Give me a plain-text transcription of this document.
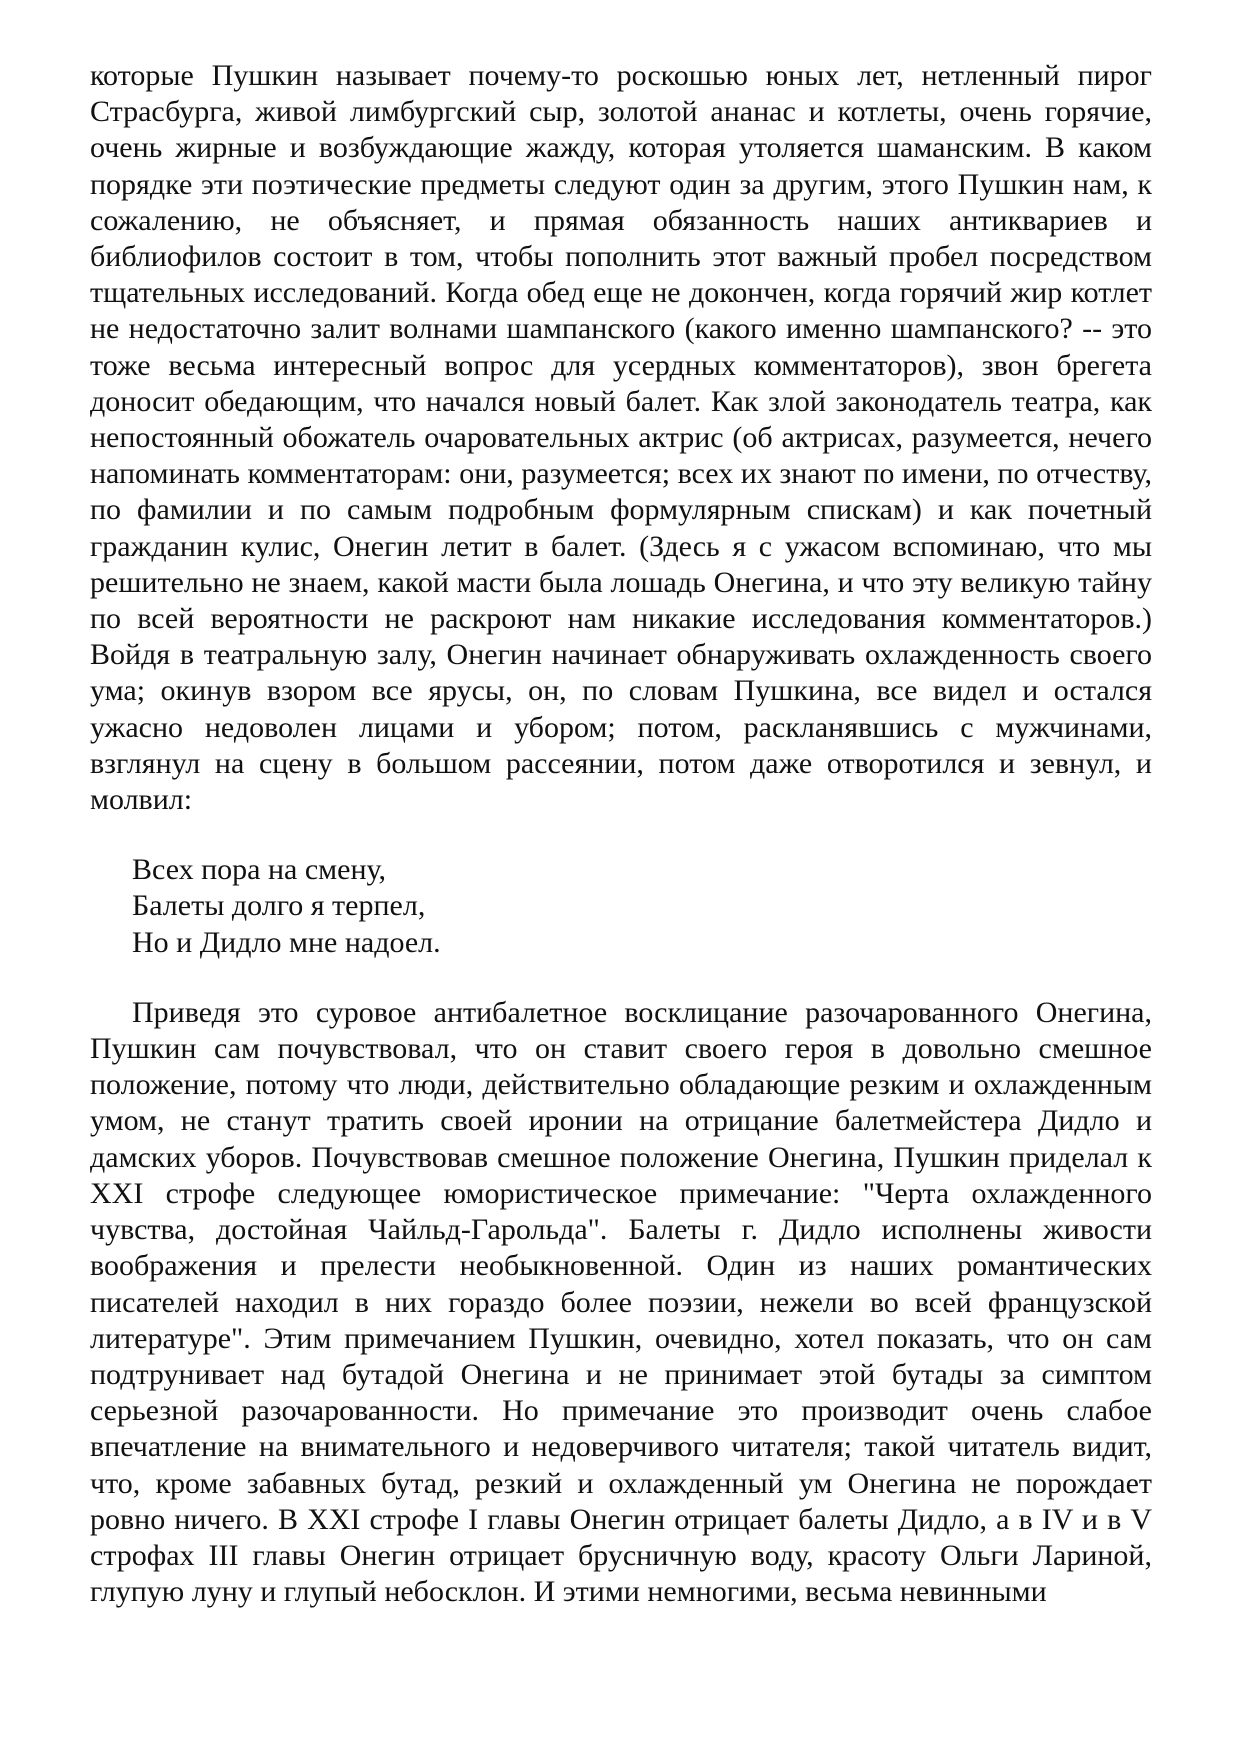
которые Пушкин называет почему-то роскошью юных лет, нетленный пирог Страсбурга, живой лимбургский сыр, золотой ананас и котлеты, очень горячие, очень жирные и возбуждающие жажду, которая утоляется шаманским. В каком порядке эти поэтические предметы следуют один за другим, этого Пушкин нам, к сожалению, не объясняет, и прямая обязанность наших антиквариев и библиофилов состоит в том, чтобы пополнить этот важный пробел посредством тщательных исследований. Когда обед еще не докончен, когда горячий жир котлет не недостаточно залит волнами шампанского (какого именно шампанского? -- это тоже весьма интересный вопрос для усердных комментаторов), звон брегета доносит обедающим, что начался новый балет. Как злой законодатель театра, как непостоянный обожатель очаровательных актрис (об актрисах, разумеется, нечего напоминать комментаторам: они, разумеется; всех их знают по имени, по отчеству, по фамилии и по самым подробным формулярным спискам) и как почетный гражданин кулис, Онегин летит в балет. (Здесь я с ужасом вспоминаю, что мы решительно не знаем, какой масти была лошадь Онегина, и что эту великую тайну по всей вероятности не раскроют нам никакие исследования комментаторов.) Войдя в театральную залу, Онегин начинает обнаруживать охлажденность своего ума; окинув взором все ярусы, он, по словам Пушкина, все видел и остался ужасно недоволен лицами и убором; потом, раскланявшись с мужчинами, взглянул на сцену в большом рассеянии, потом даже отворотился и зевнул, и молвил:

Всех пора на смену,
Балеты долго я терпел,
Но и Дидло мне надоел.

Приведя это суровое антибалетное восклицание разочарованного Онегина, Пушкин сам почувствовал, что он ставит своего героя в довольно смешное положение, потому что люди, действительно обладающие резким и охлажденным умом, не станут тратить своей иронии на отрицание балетмейстера Дидло и дамских уборов. Почувствовав смешное положение Онегина, Пушкин приделал к XXI строфе следующее юмористическое примечание: "Черта охлажденного чувства, достойная Чайльд-Гарольда". Балеты г. Дидло исполнены живости воображения и прелести необыкновенной. Один из наших романтических писателей находил в них гораздо более поэзии, нежели во всей французской литературе". Этим примечанием Пушкин, очевидно, хотел показать, что он сам подтрунивает над бутадой Онегина и не принимает этой бутады за симптом серьезной разочарованности. Но примечание это производит очень слабое впечатление на внимательного и недоверчивого читателя; такой читатель видит, что, кроме забавных бутад, резкий и охлажденный ум Онегина не порождает ровно ничего. В XXI строфе I главы Онегин отрицает балеты Дидло, а в IV и в V строфах III главы Онегин отрицает брусничную воду, красоту Ольги Лариной, глупую луну и глупый небосклон. И этими немногими, весьма невинными
